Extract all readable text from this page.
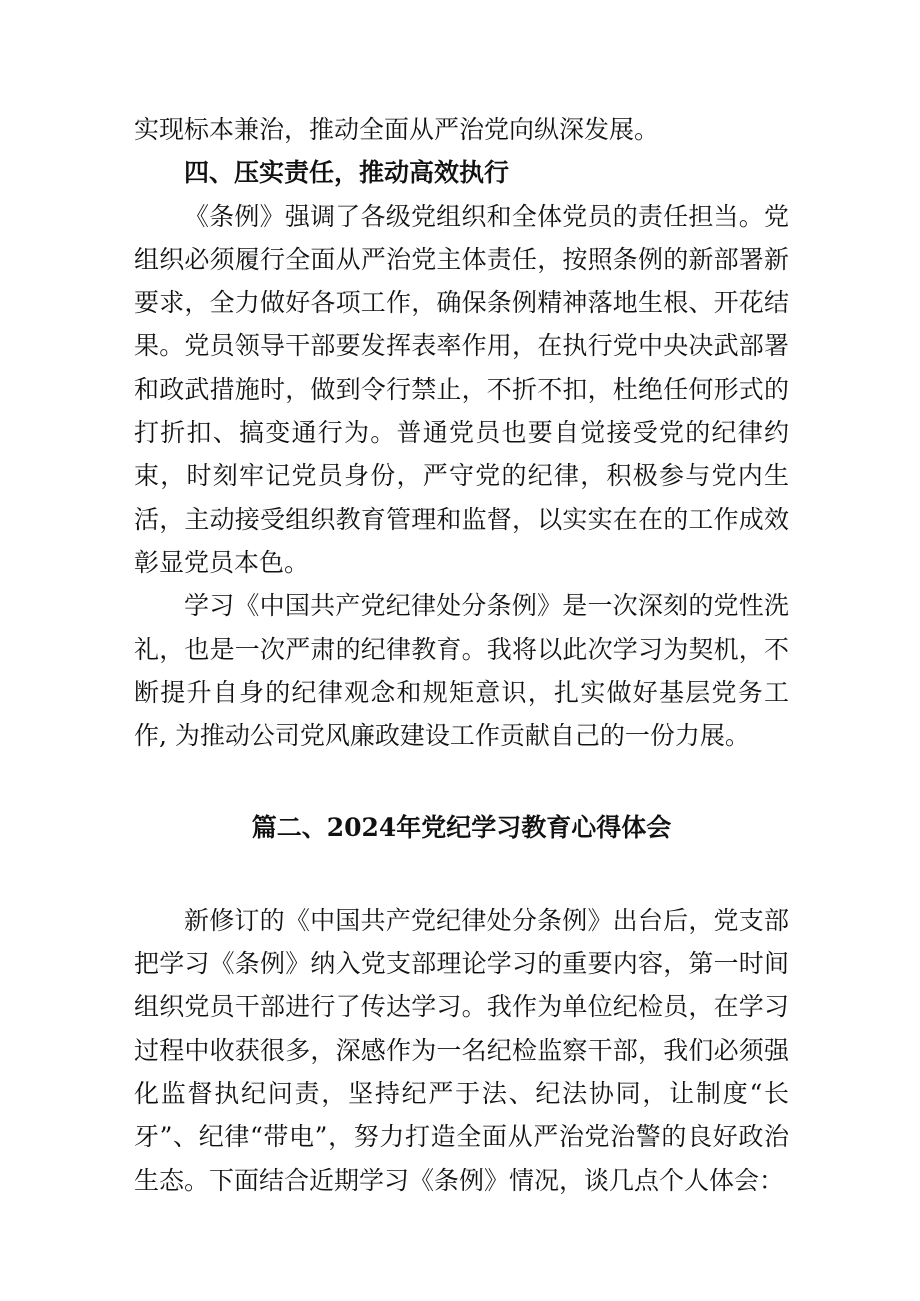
实现标本兼治，推动全面从严治党向纵深发展。

四、压实责任，推动高效执行

《条例》强调了各级党组织和全体党员的责任担当。党组织必须履行全面从严治党主体责任，按照条例的新部署新要求，全力做好各项工作，确保条例精神落地生根、开花结果。党员领导干部要发挥表率作用，在执行党中央决武部署和政武措施时，做到令行禁止，不折不扣，杜绝任何形式的打折扣、搞变通行为。普通党员也要自觉接受党的纪律约束，时刻牢记党员身份，严守党的纪律，积极参与党内生活，主动接受组织教育管理和监督，以实实在在的工作成效彰显党员本色。

学习《中国共产党纪律处分条例》是一次深刻的党性洗礼，也是一次严肃的纪律教育。我将以此次学习为契机，不断提升自身的纪律观念和规矩意识，扎实做好基层党务工作, 为推动公司党风廉政建设工作贡献自己的一份力展。

篇二、2024年党纪学习教育心得体会

新修订的《中国共产党纪律处分条例》出台后，党支部把学习《条例》纳入党支部理论学习的重要内容，第一时间组织党员干部进行了传达学习。我作为单位纪检员，在学习过程中收获很多，深感作为一名纪检监察干部，我们必须强化监督执纪问责，坚持纪严于法、纪法协同，让制度“长牙”、纪律“带电”，努力打造全面从严治党治警的良好政治生态。下面结合近期学习《条例》情况，谈几点个人体会：
